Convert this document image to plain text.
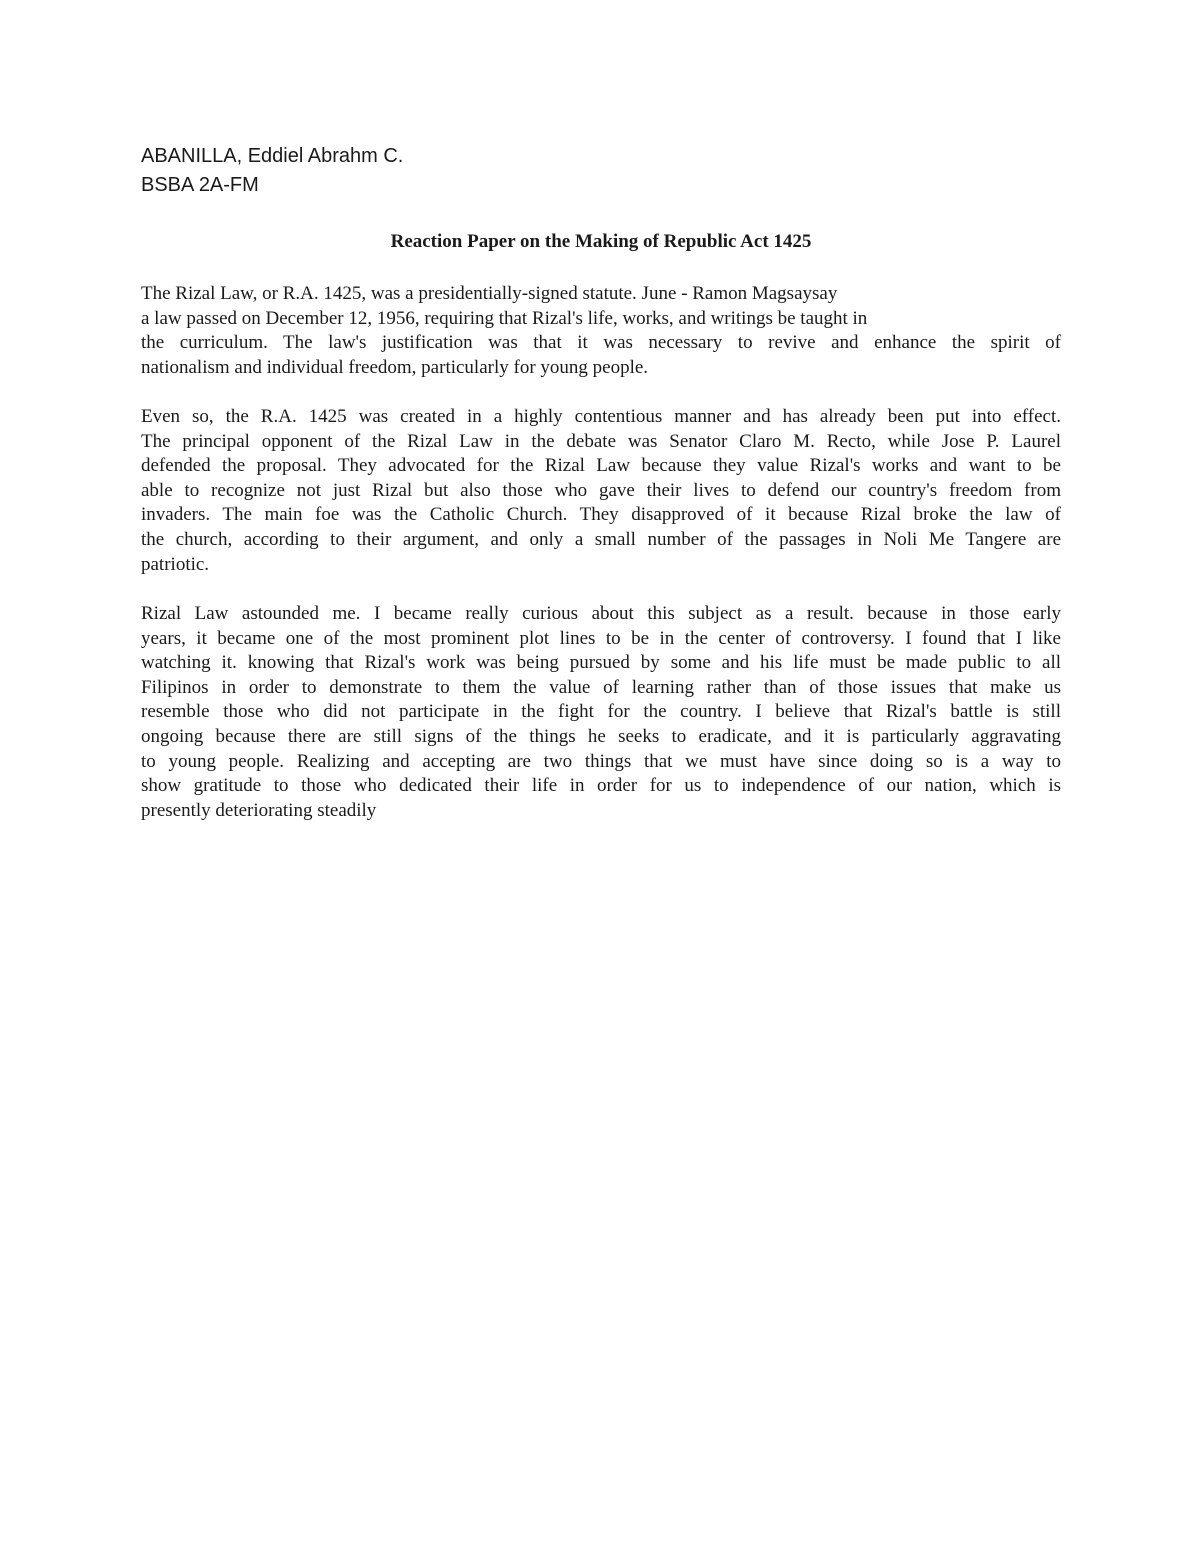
ABANILLA, Eddiel Abrahm C.
BSBA 2A-FM
Reaction Paper on the Making of Republic Act 1425
The Rizal Law, or R.A. 1425, was a presidentially-signed statute. June - Ramon Magsaysay
a law passed on December 12, 1956, requiring that Rizal's life, works, and writings be taught in
the curriculum. The law's justification was that it was necessary to revive and enhance the spirit of
nationalism and individual freedom, particularly for young people.
Even so, the R.A. 1425 was created in a highly contentious manner and has already been put into effect.
The principal opponent of the Rizal Law in the debate was Senator Claro M. Recto, while Jose P. Laurel
defended the proposal. They advocated for the Rizal Law because they value Rizal's works and want to be
able to recognize not just Rizal but also those who gave their lives to defend our country's freedom from
invaders. The main foe was the Catholic Church. They disapproved of it because Rizal broke the law of
the church, according to their argument, and only a small number of the passages in Noli Me Tangere are
patriotic.
Rizal Law astounded me. I became really curious about this subject as a result. because in those early
years, it became one of the most prominent plot lines to be in the center of controversy. I found that I like
watching it. knowing that Rizal's work was being pursued by some and his life must be made public to all
Filipinos in order to demonstrate to them the value of learning rather than of those issues that make us
resemble those who did not participate in the fight for the country. I believe that Rizal's battle is still
ongoing because there are still signs of the things he seeks to eradicate, and it is particularly aggravating
to young people. Realizing and accepting are two things that we must have since doing so is a way to
show gratitude to those who dedicated their life in order for us to independence of our nation, which is
presently deteriorating steadily
